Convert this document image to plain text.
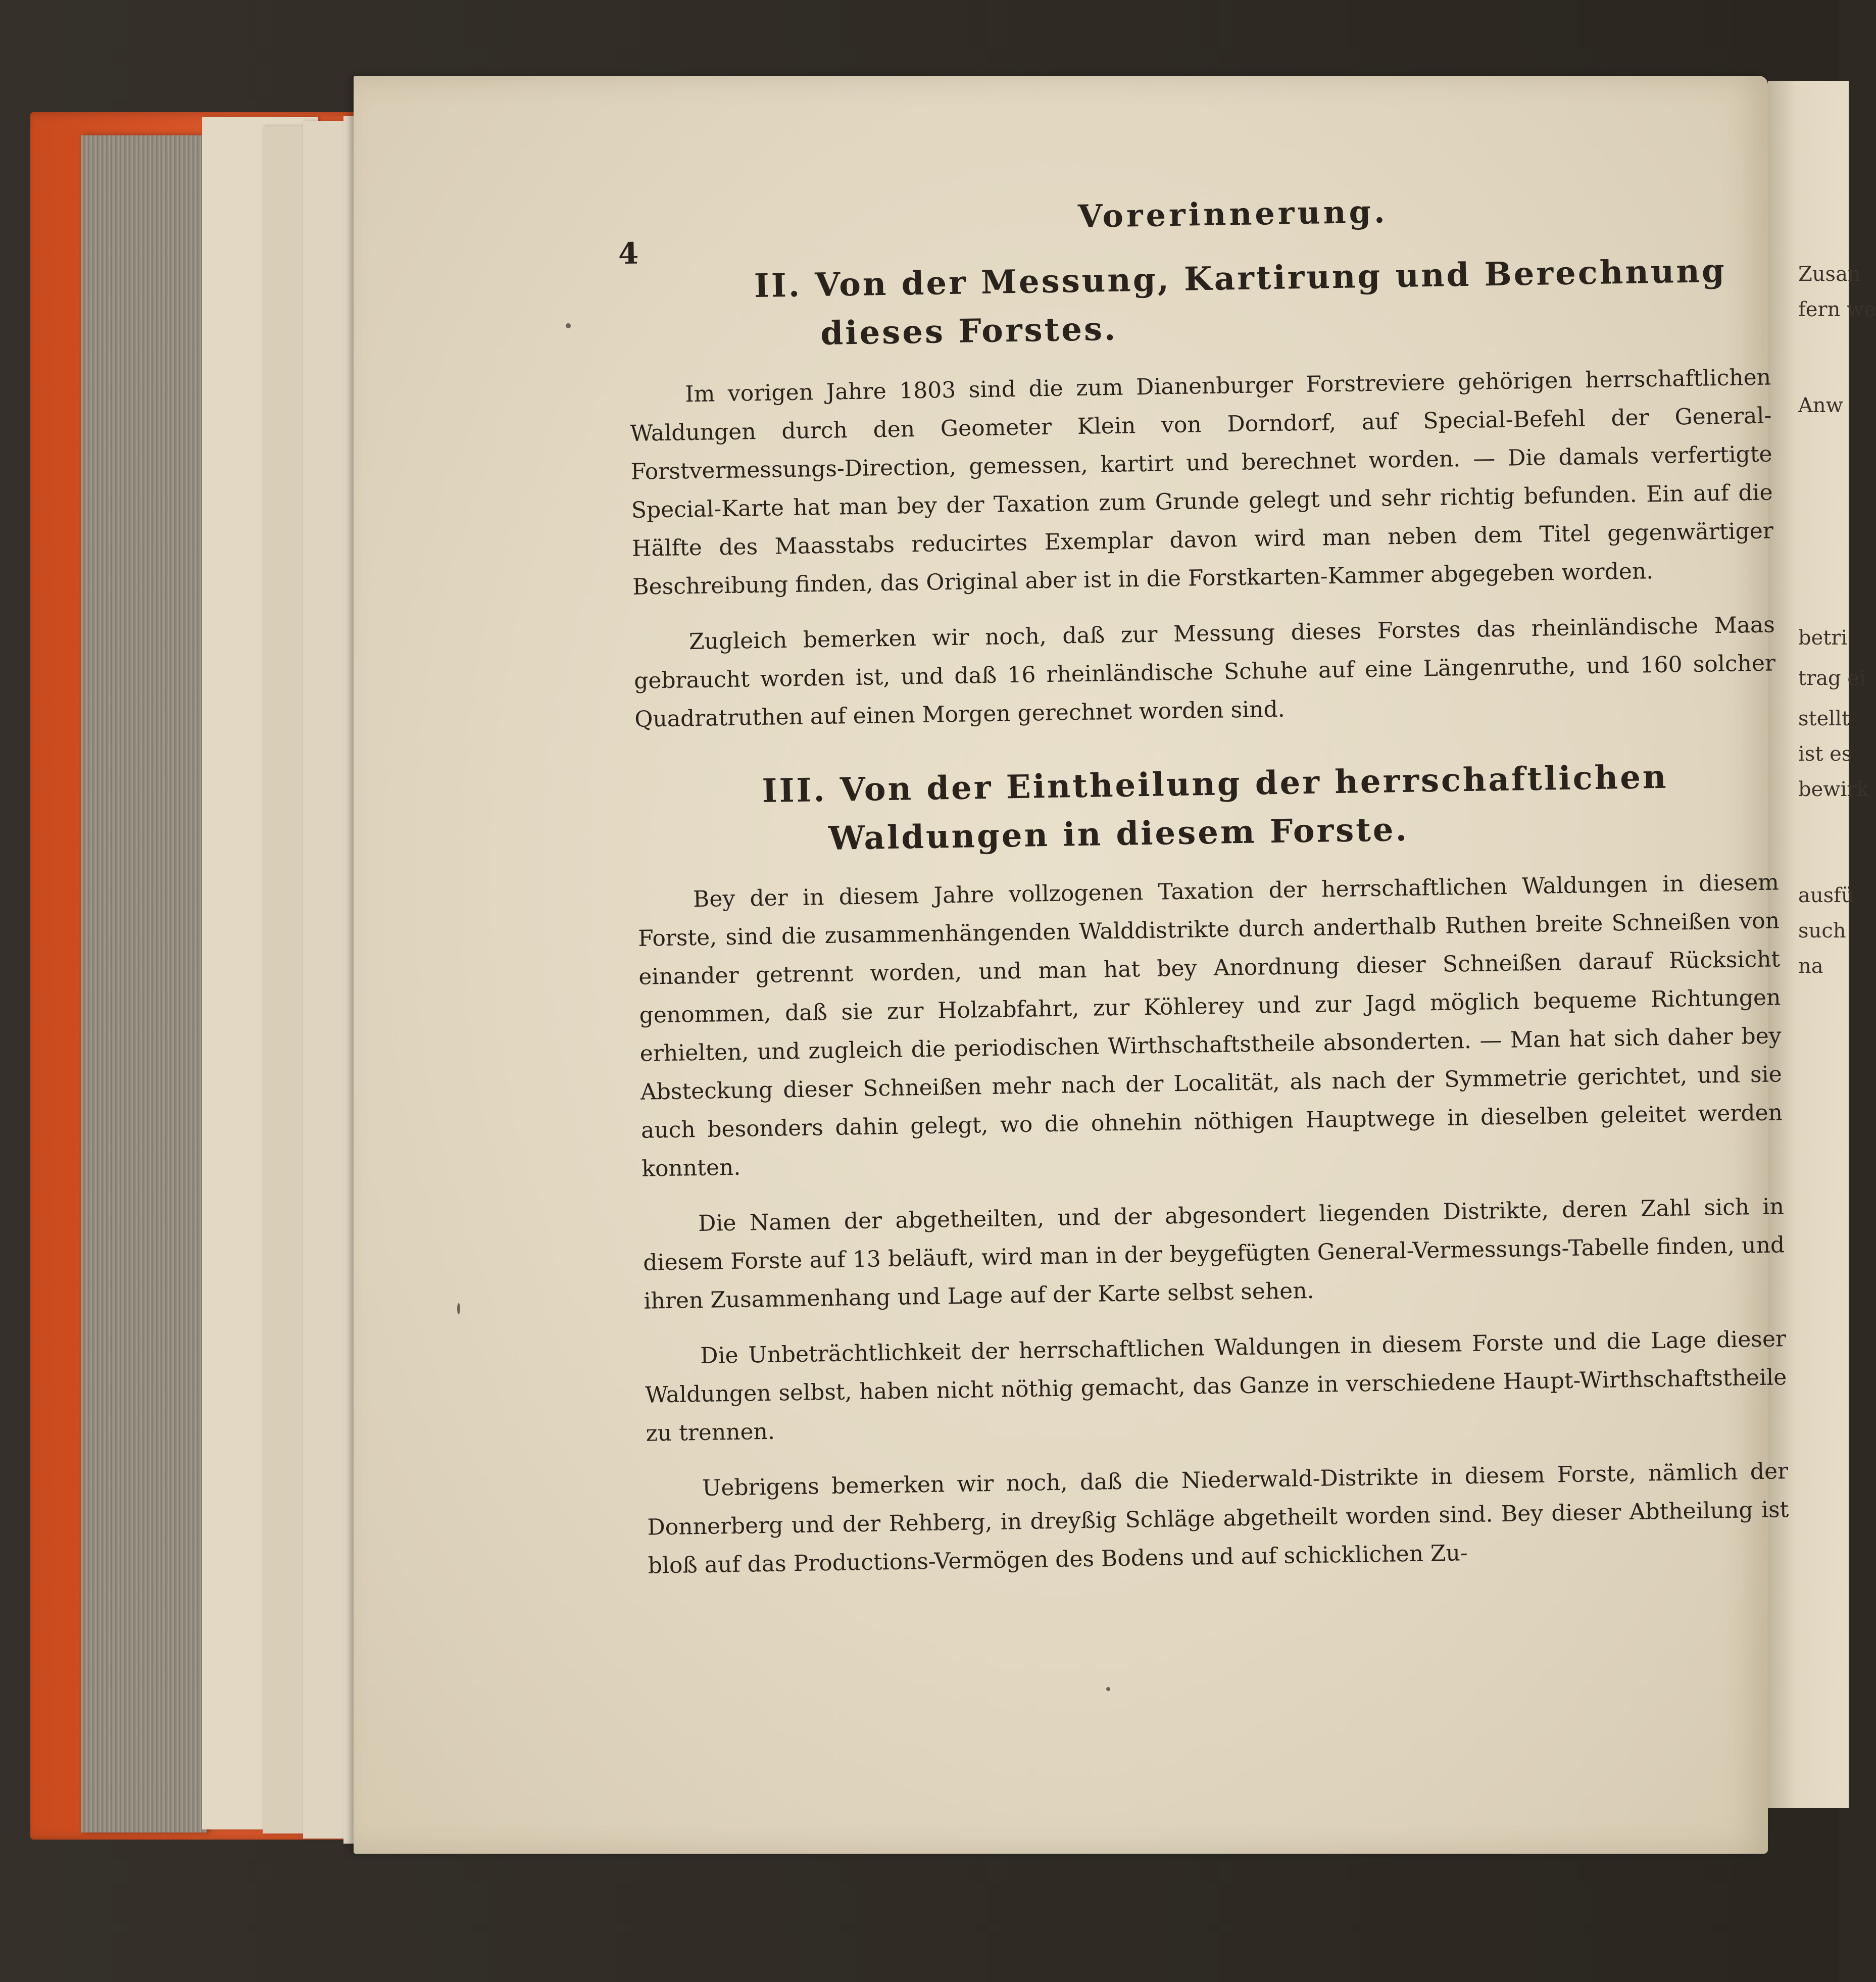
Zusan
fern we
Anw
betri
trag ei
stellt
ist es
bewirk
ausfü
such
na
4
Vorerinnerung.
II. Von der Messung, Kartirung und Berechnung dieses Forstes.

Im vorigen Jahre 1803 sind die zum Dianenburger Forstreviere gehörigen herrschaftlichen Waldungen durch den Geometer Klein von Dorndorf, auf Special-Befehl der General-Forstvermessungs-Direction, gemessen, kartirt und berechnet worden. — Die damals verfertigte Special-Karte hat man bey der Taxation zum Grunde gelegt und sehr richtig befunden. Ein auf die Hälfte des Maasstabs reducirtes Exemplar davon wird man neben dem Titel gegenwärtiger Beschreibung finden, das Original aber ist in die Forstkarten-Kammer abgegeben worden.

Zugleich bemerken wir noch, daß zur Messung dieses Forstes das rheinländische Maas gebraucht worden ist, und daß 16 rheinländische Schuhe auf eine Längenruthe, und 160 solcher Quadratruthen auf einen Morgen gerechnet worden sind.

III. Von der Eintheilung der herrschaftlichen Waldungen in diesem Forste.

Bey der in diesem Jahre vollzogenen Taxation der herrschaftlichen Waldungen in diesem Forste, sind die zusammenhängenden Walddistrikte durch anderthalb Ruthen breite Schneißen von einander getrennt worden, und man hat bey Anordnung dieser Schneißen darauf Rücksicht genommen, daß sie zur Holzabfahrt, zur Köhlerey und zur Jagd möglich bequeme Richtungen erhielten, und zugleich die periodischen Wirthschaftstheile absonderten. — Man hat sich daher bey Absteckung dieser Schneißen mehr nach der Localität, als nach der Symmetrie gerichtet, und sie auch besonders dahin gelegt, wo die ohnehin nöthigen Hauptwege in dieselben geleitet werden konnten.

Die Namen der abgetheilten, und der abgesondert liegenden Distrikte, deren Zahl sich in diesem Forste auf 13 beläuft, wird man in der beygefügten General-Vermessungs-Tabelle finden, und ihren Zusammenhang und Lage auf der Karte selbst sehen.

Die Unbeträchtlichkeit der herrschaftlichen Waldungen in diesem Forste und die Lage dieser Waldungen selbst, haben nicht nöthig gemacht, das Ganze in verschiedene Haupt-Wirthschaftstheile zu trennen.

Uebrigens bemerken wir noch, daß die Niederwald-Distrikte in diesem Forste, nämlich der Donnerberg und der Rehberg, in dreyßig Schläge abgetheilt worden sind. Bey dieser Abtheilung ist bloß auf das Productions-Vermögen des Bodens und auf schicklichen Zu-
